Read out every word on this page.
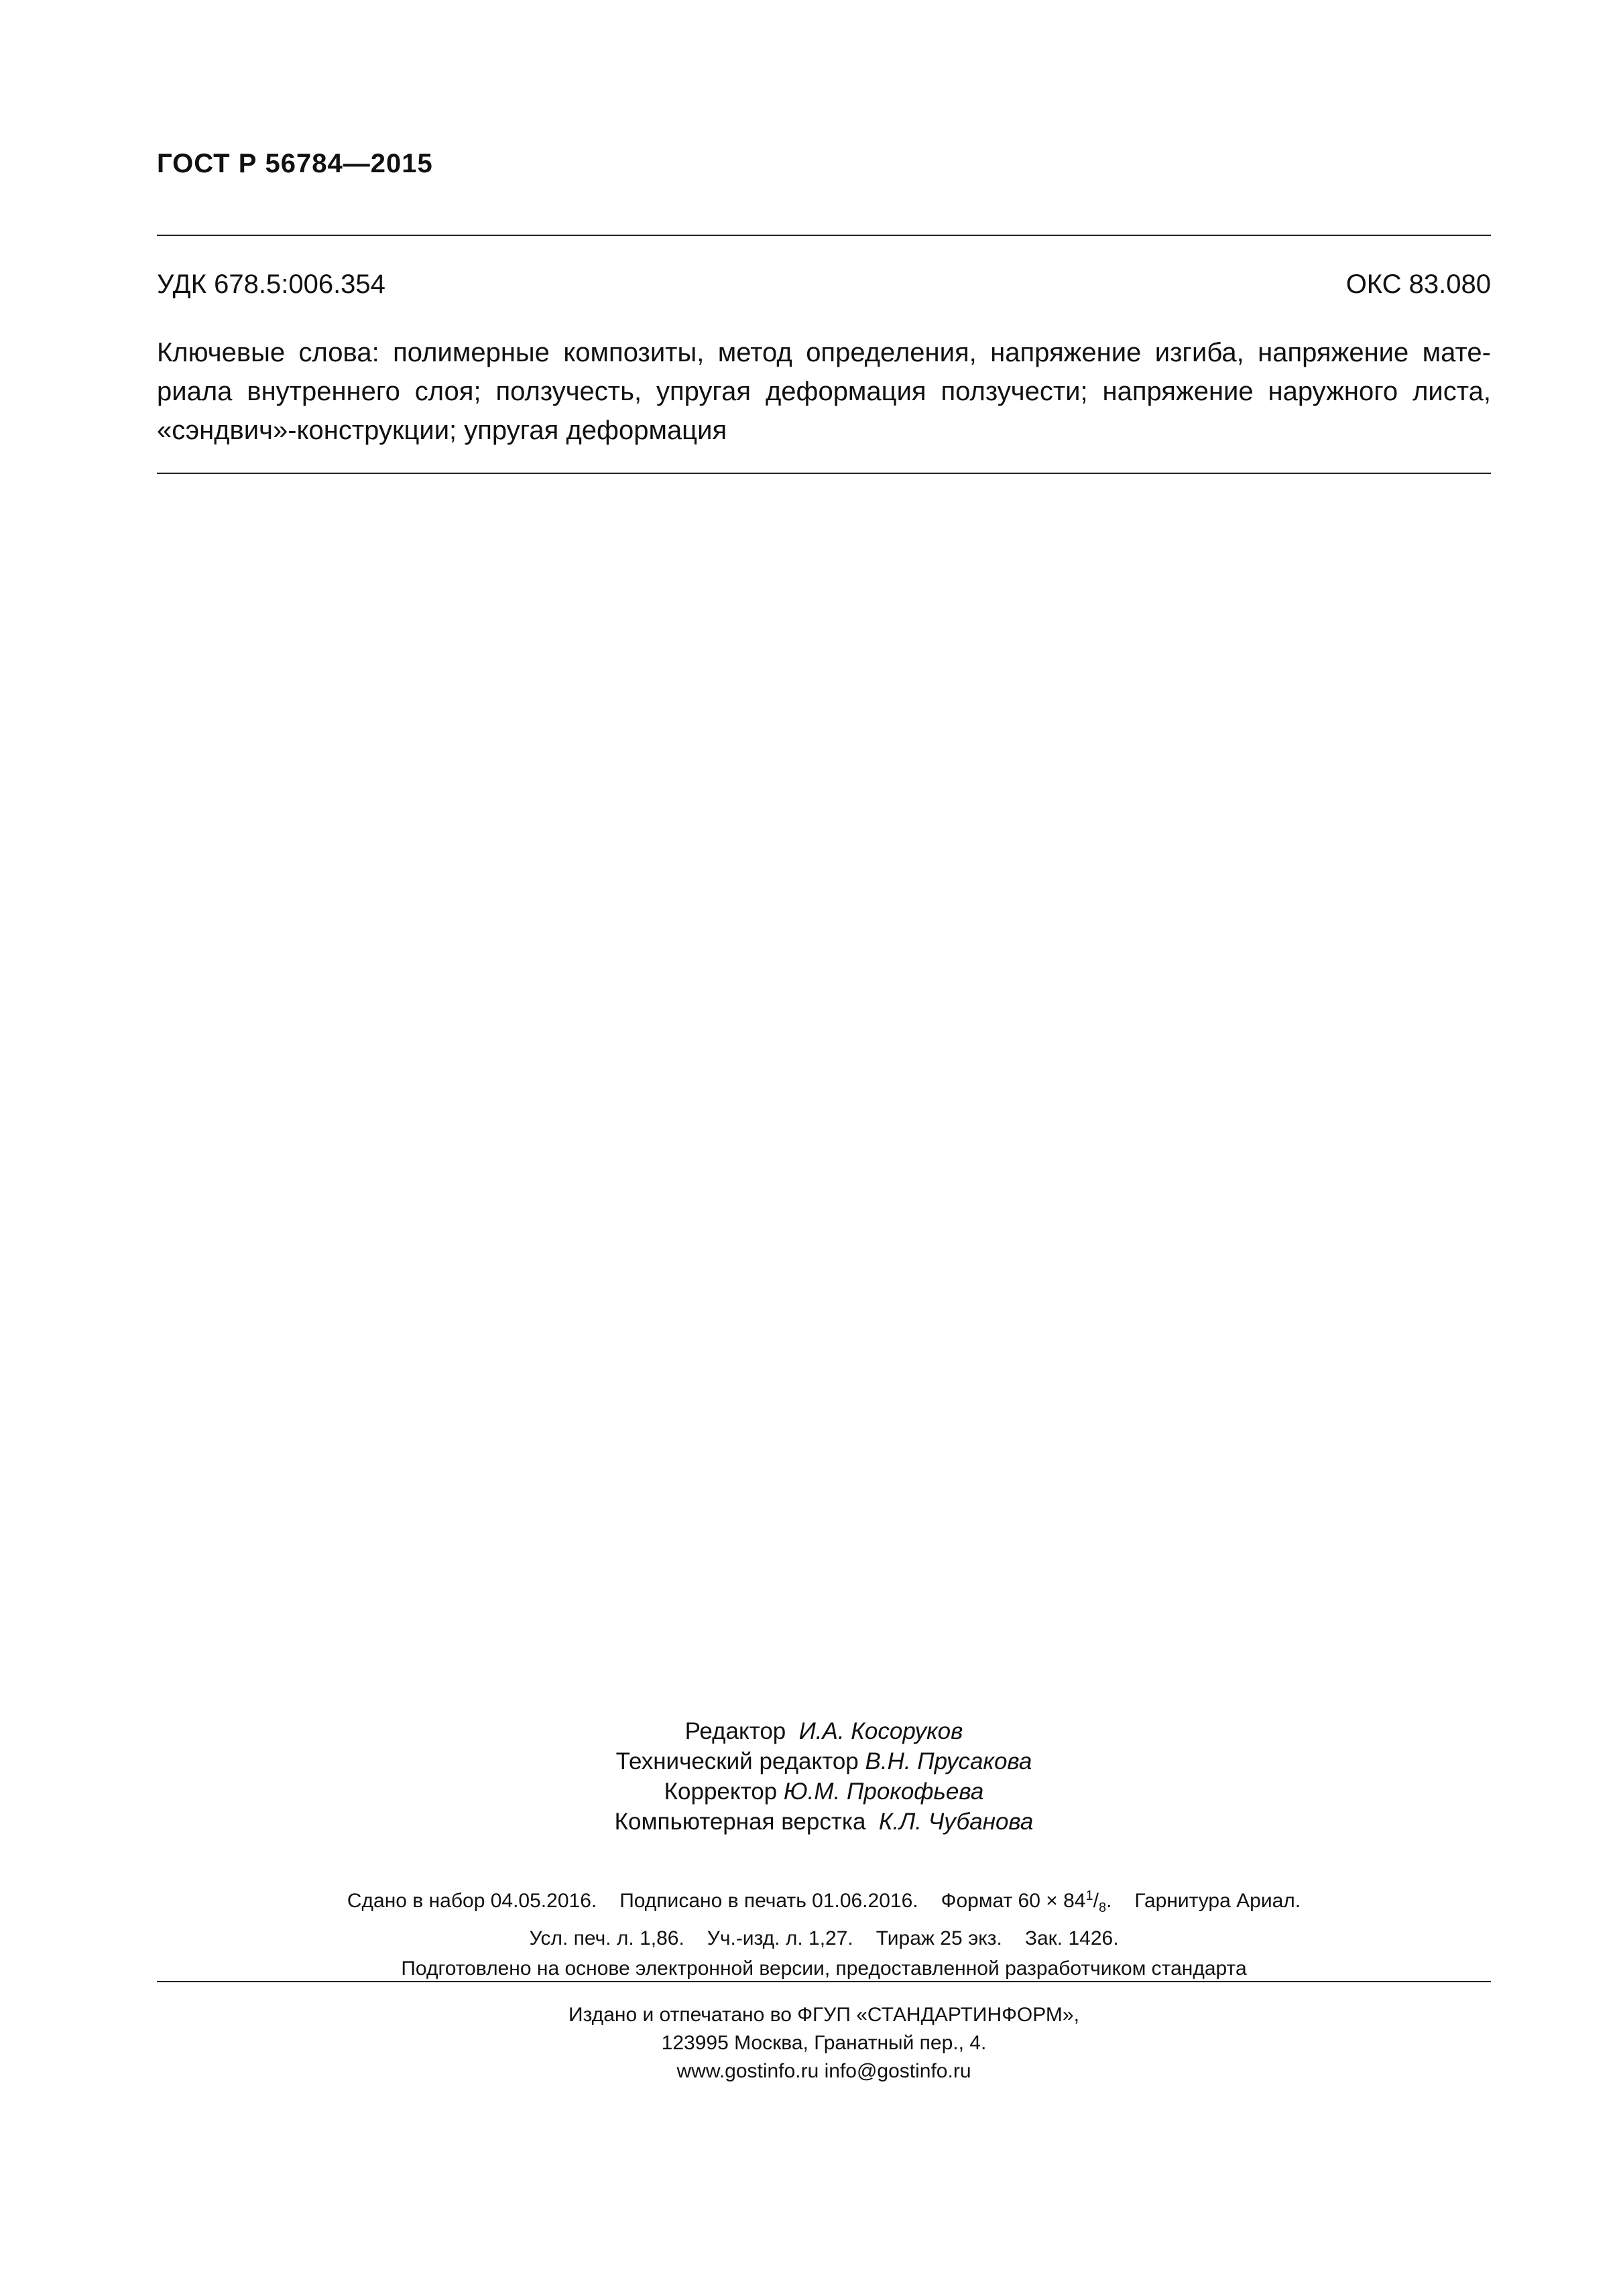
ГОСТ Р 56784—2015
УДК 678.5:006.354	ОКС 83.080
Ключевые слова: полимерные композиты, метод определения, напряжение изгиба, напряжение материала внутреннего слоя; ползучесть, упругая деформация ползучести; напряжение наружного листа, «сэндвич»-конструкции; упругая деформация
Редактор И.А. Косоруков
Технический редактор В.Н. Прусакова
Корректор Ю.М. Прокофьева
Компьютерная верстка К.Л. Чубанова
Сдано в набор 04.05.2016. Подписано в печать 01.06.2016. Формат $60 \times 84^1/_8$. Гарнитура Ариал.
Усл. печ. л. 1,86. Уч.-изд. л. 1,27. Тираж 25 экз. Зак. 1426.
Подготовлено на основе электронной версии, предоставленной разработчиком стандарта
Издано и отпечатано во ФГУП «СТАНДАРТИНФОРМ»,
123995 Москва, Гранатный пер., 4.
www.gostinfo.ru info@gostinfo.ru
